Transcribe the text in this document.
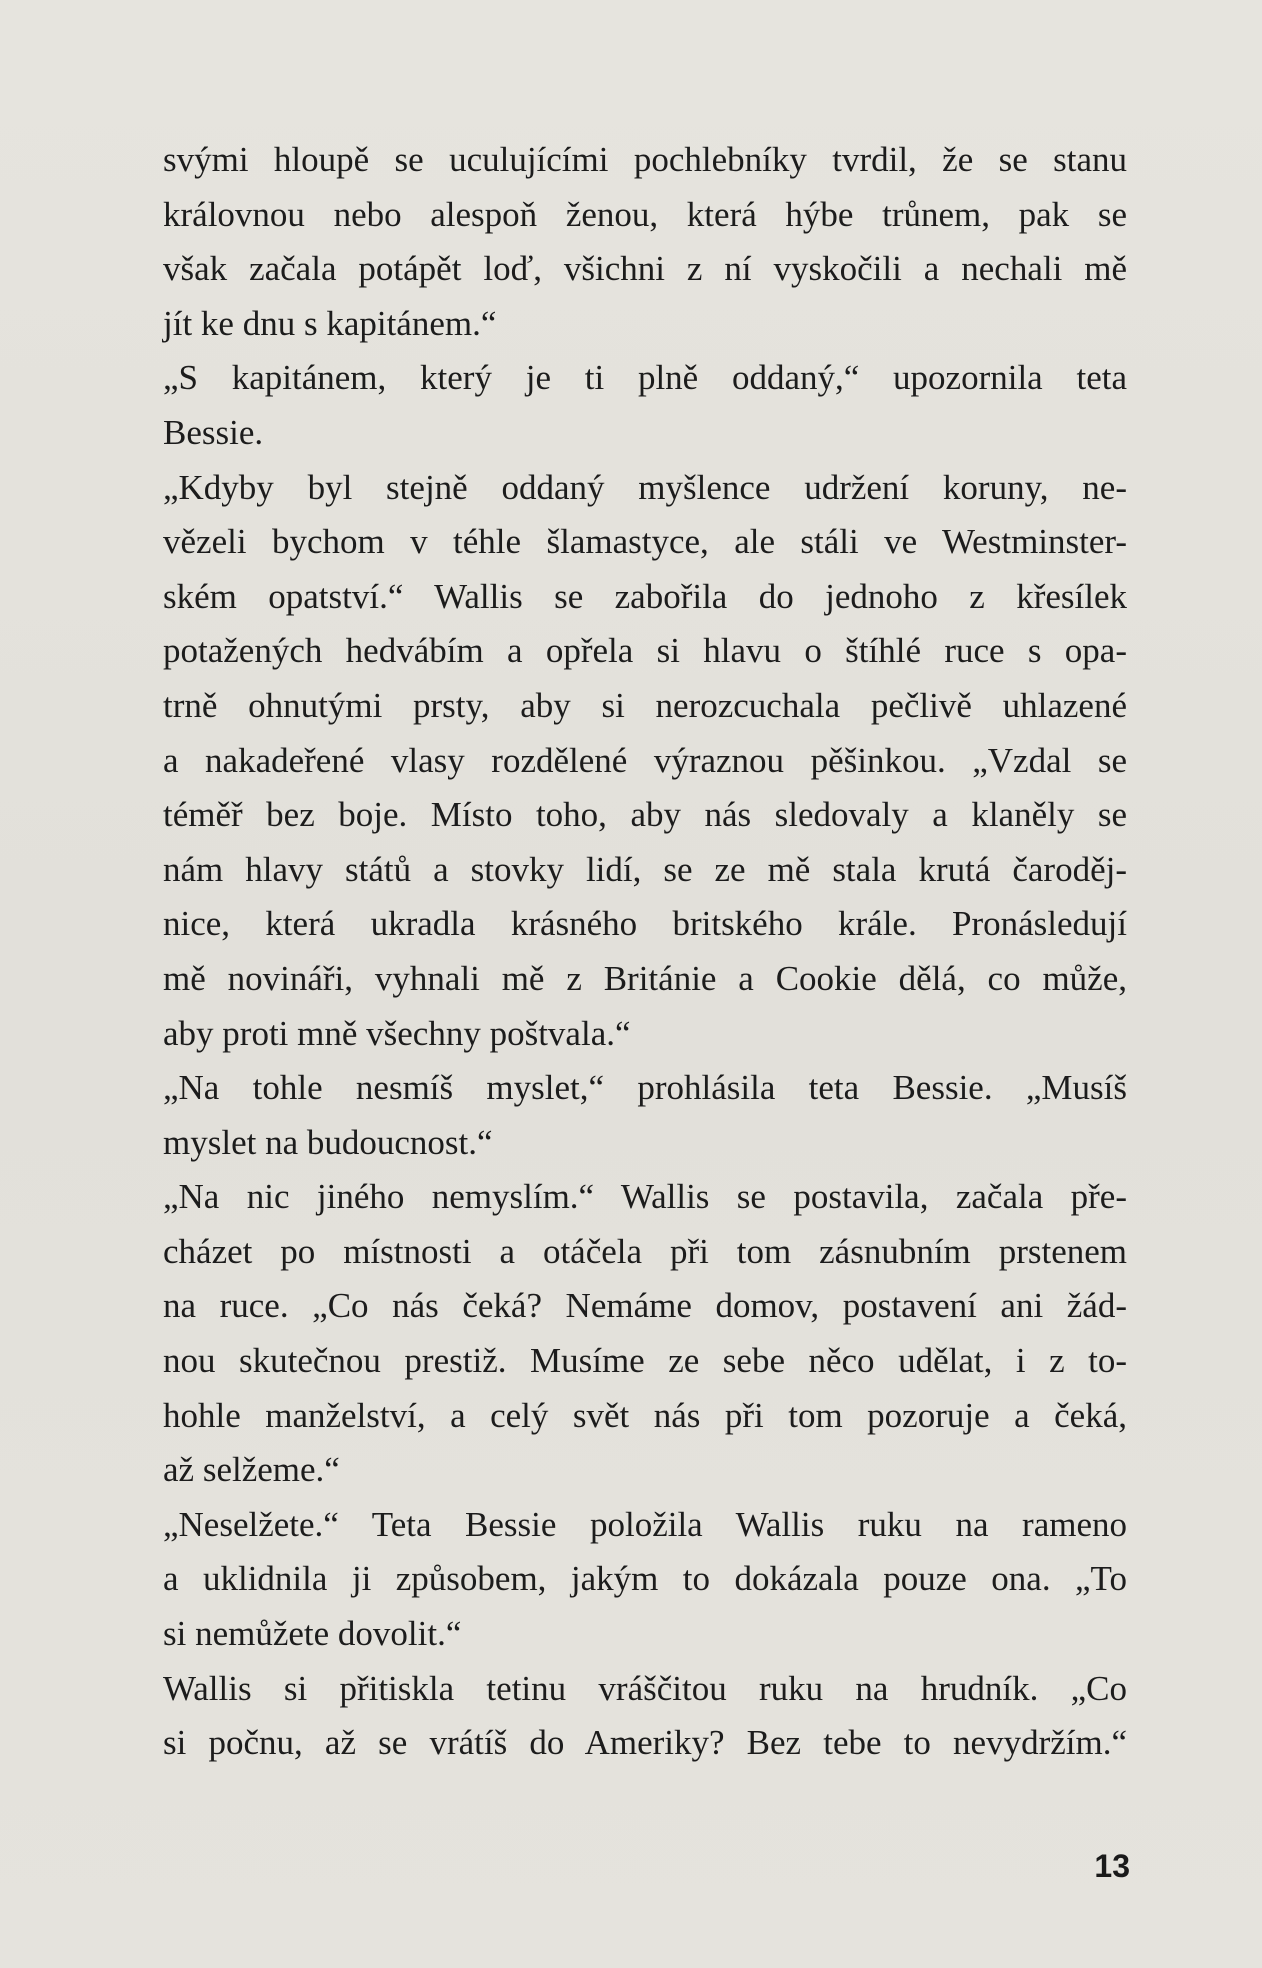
svými hloupě se uculujícími pochlebníky tvrdil, že se stanu
královnou nebo alespoň ženou, která hýbe trůnem, pak se
však začala potápět loď, všichni z ní vyskočili a nechali mě
jít ke dnu s kapitánem.“
„S kapitánem, který je ti plně oddaný,“ upozornila teta
Bessie.
„Kdyby byl stejně oddaný myšlence udržení koruny, ne-
vězeli bychom v téhle šlamastyce, ale stáli ve Westminster-
ském opatství.“ Wallis se zabořila do jednoho z křesílek
potažených hedvábím a opřela si hlavu o štíhlé ruce s opa-
trně ohnutými prsty, aby si nerozcuchala pečlivě uhlazené
a nakadeřené vlasy rozdělené výraznou pěšinkou. „Vzdal se
téměř bez boje. Místo toho, aby nás sledovaly a klaněly se
nám hlavy států a stovky lidí, se ze mě stala krutá čaroděj-
nice, která ukradla krásného britského krále. Pronásledují
mě novináři, vyhnali mě z Británie a Cookie dělá, co může,
aby proti mně všechny poštvala.“
„Na tohle nesmíš myslet,“ prohlásila teta Bessie. „Musíš
myslet na budoucnost.“
„Na nic jiného nemyslím.“ Wallis se postavila, začala pře-
cházet po místnosti a otáčela při tom zásnubním prstenem
na ruce. „Co nás čeká? Nemáme domov, postavení ani žád-
nou skutečnou prestiž. Musíme ze sebe něco udělat, i z to-
hohle manželství, a celý svět nás při tom pozoruje a čeká,
až selžeme.“
„Neselžete.“ Teta Bessie položila Wallis ruku na rameno
a uklidnila ji způsobem, jakým to dokázala pouze ona. „To
si nemůžete dovolit.“
Wallis si přitiskla tetinu vráščitou ruku na hrudník. „Co
si počnu, až se vrátíš do Ameriky? Bez tebe to nevydržím.“
13
